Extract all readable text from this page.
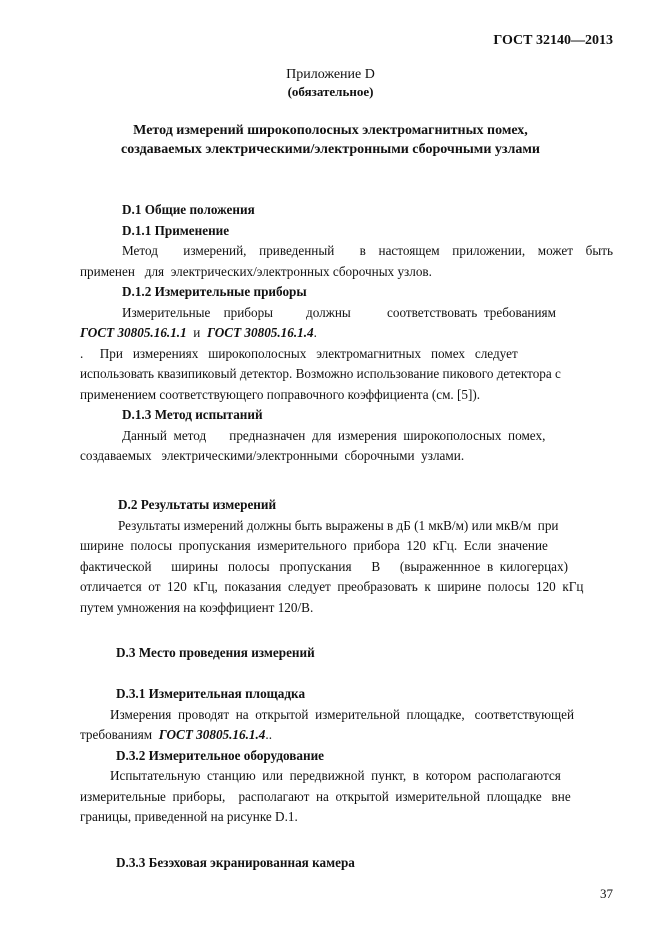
ГОСТ 32140—2013
Приложение D
(обязательное)
Метод измерений широкополосных электромагнитных помех,
создаваемых электрическими/электронными сборочными узлами
D.1 Общие положения
D.1.1 Применение
Метод    измерений,  приведенный    в  настоящем  приложении,  может  быть
применен   для  электрических/электронных сборочных узлов.
D.1.2 Измерительные приборы
Измерительные    приборы          должны           соответствовать  требованиям
ГОСТ 30805.16.1.1 и ГОСТ 30805.16.1.4.
.     При   измерениях   широкополосных   электромагнитных   помех   следует
использовать квазипиковый детектор. Возможно использование пикового детектора с
применением соответствующего поправочного коэффициента (см. [5]).
D.1.3 Метод испытаний
Данный  метод       предназначен  для  измерения  широкополосных  помех,
создаваемых   электрическими/электронными  сборочными  узлами.
D.2 Результаты измерений
Результаты измерений должны быть выражены в дБ (1 мкВ/м) или мкВ/м  при
ширине  полосы  пропускания  измерительного  прибора  120  кГц.  Если  значение
фактической      ширины   полосы   пропускания      В      (выраженнное  в  килогерцах)
отличается  от  120  кГц,  показания  следует  преобразовать  к  ширине  полосы  120  кГц
путем умножения на коэффициент 120/B.
D.3 Место проведения измерений
D.3.1 Измерительная площадка
Измерения  проводят  на  открытой  измерительной  площадке,   соответствующей
требованиям ГОСТ 30805.16.1.4..
D.3.2 Измерительное оборудование
Испытательную  станцию  или  передвижной  пункт,  в  котором  располагаются
измерительные  приборы,    располагают  на  открытой  измерительной  площадке   вне
границы, приведенной на рисунке D.1.
D.3.3 Безэховая экранированная камера
37
